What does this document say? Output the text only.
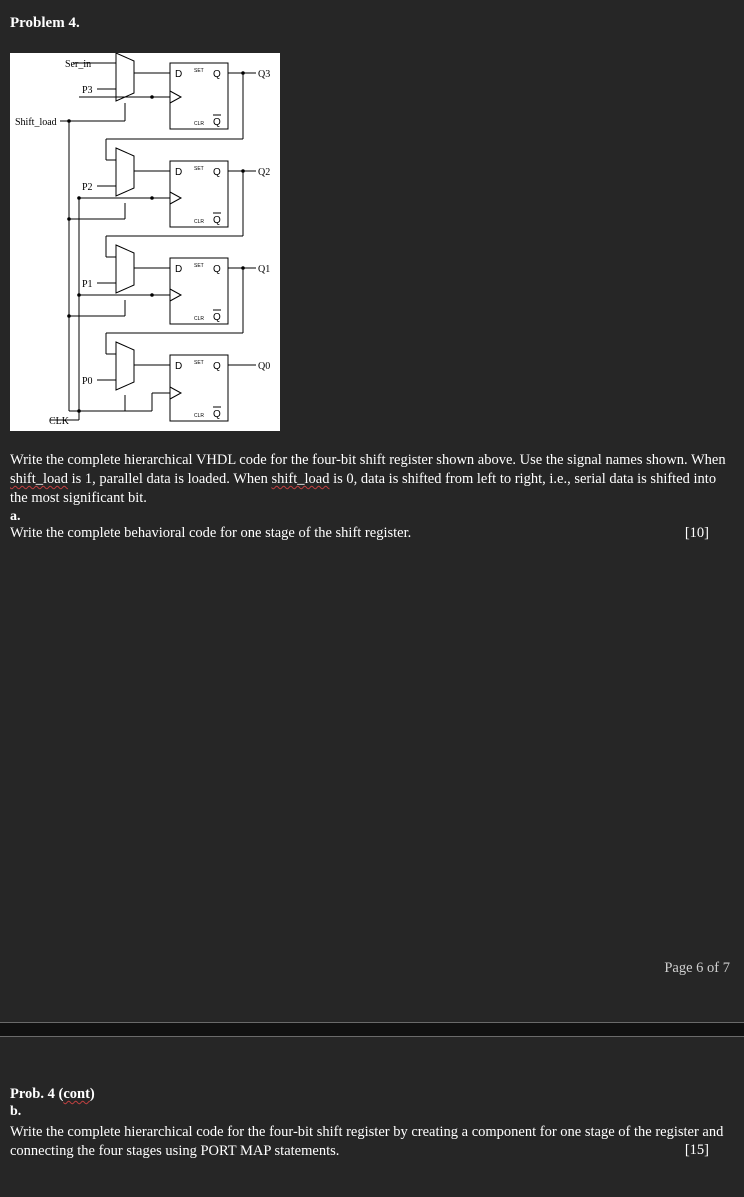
Problem 4.
Ser_in
Shift_load
CLK
P3
P2
P1
P0
Q3
Q2
Q1
Q0
D	Q
SET
CLR Q
D	Q
SET
CLR Q
D	Q
SET
CLR Q
D	Q
SET
CLR Q
Write the complete hierarchical VHDL code for the four-bit shift register shown above. Use the signal names shown. When shift_load is 1, parallel data is loaded. When shift_load is 0, data is shifted from left to right, i.e., serial data is shifted into the most significant bit.
a.
Write the complete behavioral code for one stage of the shift register.	[10]
Page 6 of 7
Prob. 4 (cont)
b.
Write the complete hierarchical code for the four-bit shift register by creating a component for one stage of the register and connecting the four stages using PORT MAP statements.	[15]
